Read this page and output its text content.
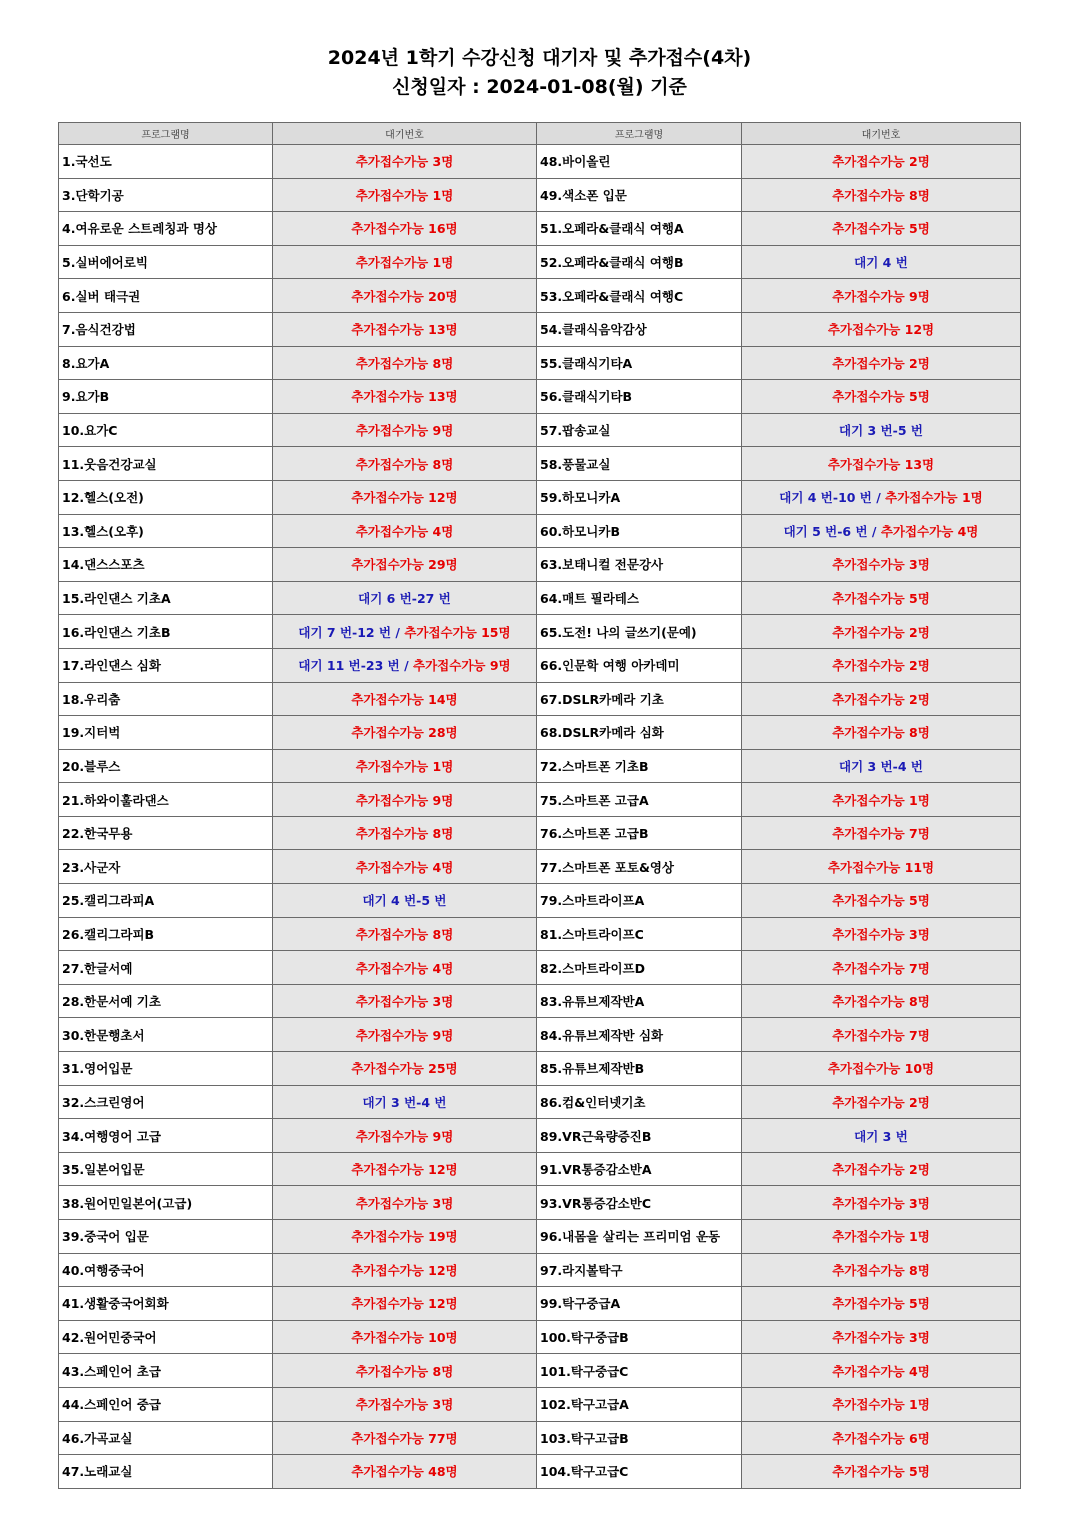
2024년 1학기 수강신청 대기자 및 추가접수(4차)
신청일자 : 2024-01-08(월) 기준
프로그램명	대기번호	프로그램명	대기번호
1.국선도	추가접수가능 3명	48.바이올린	추가접수가능 2명
3.단학기공	추가접수가능 1명	49.색소폰 입문	추가접수가능 8명
4.여유로운 스트레칭과 명상	추가접수가능 16명	51.오페라&클래식 여행A	추가접수가능 5명
5.실버에어로빅	추가접수가능 1명	52.오페라&클래식 여행B	대기 4 번
6.실버 태극권	추가접수가능 20명	53.오페라&클래식 여행C	추가접수가능 9명
7.음식건강법	추가접수가능 13명	54.클래식음악감상	추가접수가능 12명
8.요가A	추가접수가능 8명	55.클래식기타A	추가접수가능 2명
9.요가B	추가접수가능 13명	56.클래식기타B	추가접수가능 5명
10.요가C	추가접수가능 9명	57.팝송교실	대기 3 번-5 번
11.웃음건강교실	추가접수가능 8명	58.풍물교실	추가접수가능 13명
12.헬스(오전)	추가접수가능 12명	59.하모니카A	대기 4 번-10 번 / 추가접수가능 1명
13.헬스(오후)	추가접수가능 4명	60.하모니카B	대기 5 번-6 번 / 추가접수가능 4명
14.댄스스포츠	추가접수가능 29명	63.보태니컬 전문강사	추가접수가능 3명
15.라인댄스 기초A	대기 6 번-27 번	64.매트 필라테스	추가접수가능 5명
16.라인댄스 기초B	대기 7 번-12 번 / 추가접수가능 15명	65.도전! 나의 글쓰기(문예)	추가접수가능 2명
17.라인댄스 심화	대기 11 번-23 번 / 추가접수가능 9명	66.인문학 여행 아카데미	추가접수가능 2명
18.우리춤	추가접수가능 14명	67.DSLR카메라 기초	추가접수가능 2명
19.지터벅	추가접수가능 28명	68.DSLR카메라 심화	추가접수가능 8명
20.블루스	추가접수가능 1명	72.스마트폰 기초B	대기 3 번-4 번
21.하와이훌라댄스	추가접수가능 9명	75.스마트폰 고급A	추가접수가능 1명
22.한국무용	추가접수가능 8명	76.스마트폰 고급B	추가접수가능 7명
23.사군자	추가접수가능 4명	77.스마트폰 포토&영상	추가접수가능 11명
25.캘리그라피A	대기 4 번-5 번	79.스마트라이프A	추가접수가능 5명
26.캘리그라피B	추가접수가능 8명	81.스마트라이프C	추가접수가능 3명
27.한글서예	추가접수가능 4명	82.스마트라이프D	추가접수가능 7명
28.한문서예 기초	추가접수가능 3명	83.유튜브제작반A	추가접수가능 8명
30.한문행초서	추가접수가능 9명	84.유튜브제작반 심화	추가접수가능 7명
31.영어입문	추가접수가능 25명	85.유튜브제작반B	추가접수가능 10명
32.스크린영어	대기 3 번-4 번	86.컴&인터넷기초	추가접수가능 2명
34.여행영어 고급	추가접수가능 9명	89.VR근육량증진B	대기 3 번
35.일본어입문	추가접수가능 12명	91.VR통증감소반A	추가접수가능 2명
38.원어민일본어(고급)	추가접수가능 3명	93.VR통증감소반C	추가접수가능 3명
39.중국어 입문	추가접수가능 19명	96.내몸을 살리는 프리미엄 운동	추가접수가능 1명
40.여행중국어	추가접수가능 12명	97.라지볼탁구	추가접수가능 8명
41.생활중국어회화	추가접수가능 12명	99.탁구중급A	추가접수가능 5명
42.원어민중국어	추가접수가능 10명	100.탁구중급B	추가접수가능 3명
43.스페인어 초급	추가접수가능 8명	101.탁구중급C	추가접수가능 4명
44.스페인어 중급	추가접수가능 3명	102.탁구고급A	추가접수가능 1명
46.가곡교실	추가접수가능 77명	103.탁구고급B	추가접수가능 6명
47.노래교실	추가접수가능 48명	104.탁구고급C	추가접수가능 5명
